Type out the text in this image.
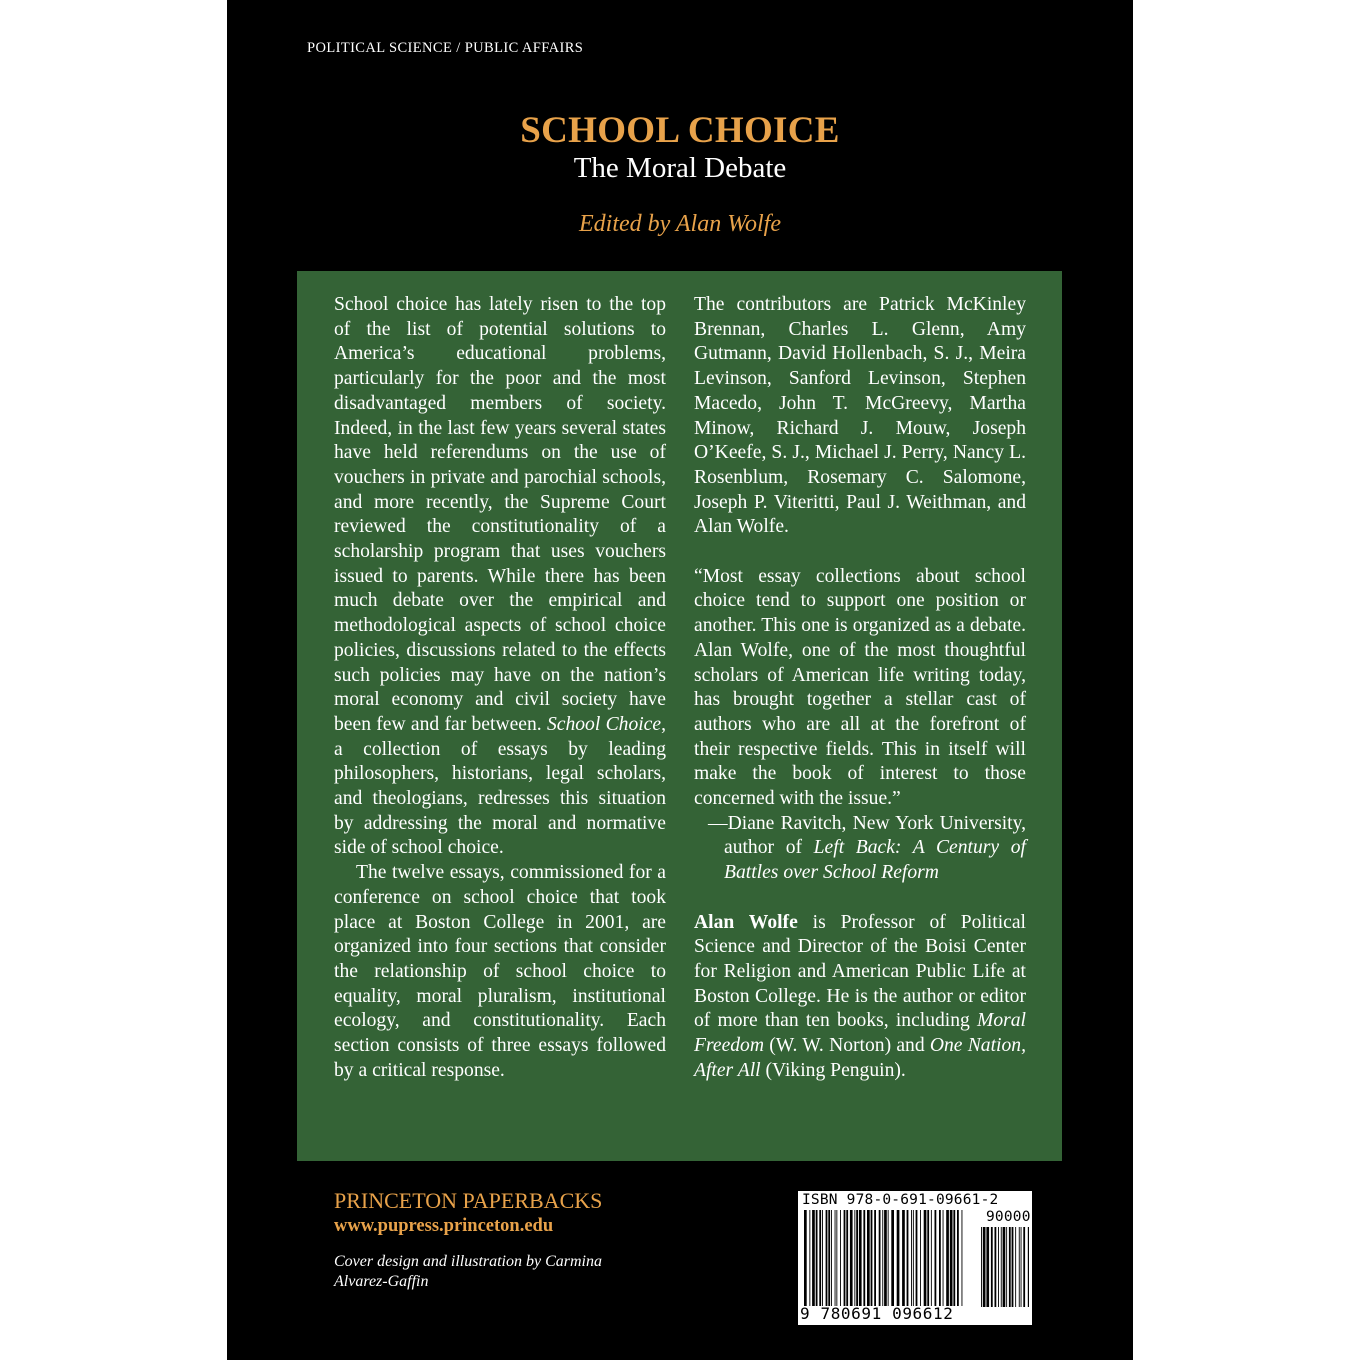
POLITICAL SCIENCE / PUBLIC AFFAIRS
SCHOOL CHOICE
The Moral Debate
Edited by Alan Wolfe

School choice has lately risen to the top of the list of potential solutions to America’s educational problems, particularly for the poor and the most disadvantaged members of society. Indeed, in the last few years several states have held referendums on the use of vouchers in private and parochial schools, and more recently, the Supreme Court reviewed the constitutionality of a scholarship program that uses vouchers issued to parents. While there has been much debate over the empirical and methodological aspects of school choice policies, discussions related to the effects such policies may have on the nation’s moral economy and civil society have been few and far between. School Choice, a collection of essays by leading philosophers, historians, legal scholars, and theologians, redresses this situation by addressing the moral and normative side of school choice.

The twelve essays, commissioned for a conference on school choice that took place at Boston College in 2001, are organized into four sections that consider the relationship of school choice to equality, moral pluralism, institutional ecology, and constitutionality. Each section consists of three essays followed by a critical response.

The contributors are Patrick McKinley Brennan, Charles L. Glenn, Amy Gutmann, David Hollenbach, S. J., Meira Levinson, Sanford Levinson, Stephen Macedo, John T. McGreevy, Martha Minow, Richard J. Mouw, Joseph O’Keefe, S. J., Michael J. Perry, Nancy L. Rosenblum, Rosemary C. Salomone, Joseph P. Viteritti, Paul J. Weithman, and Alan Wolfe.

“Most essay collections about school choice tend to support one position or another. This one is organized as a debate. Alan Wolfe, one of the most thoughtful scholars of American life writing today, has brought together a stellar cast of authors who are all at the forefront of their respective fields. This in itself will make the book of interest to those concerned with the issue.”

—Diane Ravitch, New York University, author of Left Back: A Century of Battles over School Reform

Alan Wolfe is Professor of Political Science and Director of the Boisi Center for Religion and American Public Life at Boston College. He is the author or editor of more than ten books, including Moral Freedom (W. W. Norton) and One Nation, After All (Viking Penguin).

PRINCETON PAPERBACKS
www.pupress.princeton.edu
Cover design and illustration by Carmina Alvarez-Gaffin
ISBN 978-0-691-09661-2
90000
9 780691 096612
